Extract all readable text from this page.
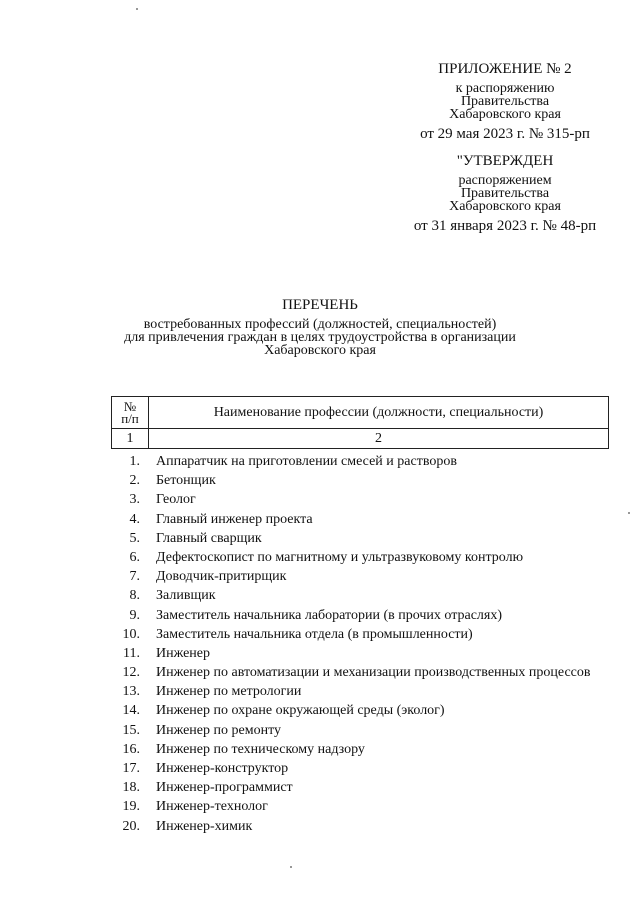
ПРИЛОЖЕНИЕ № 2
к распоряжению
Правительства
Хабаровского края
от 29 мая 2023 г. № 315-рп
"УТВЕРЖДЕН
распоряжением
Правительства
Хабаровского края
от 31 января 2023 г. № 48-рп
ПЕРЕЧЕНЬ
востребованных профессий (должностей, специальностей)
для привлечения граждан в целях трудоустройства в организации
Хабаровского края
№
п/п	Наименование профессии (должности, специальности)
1	2
1. Аппаратчик на приготовлении смесей и растворов
2. Бетонщик
3. Геолог
4. Главный инженер проекта
5. Главный сварщик
6. Дефектоскопист по магнитному и ультразвуковому контролю
7. Доводчик-притирщик
8. Заливщик
9. Заместитель начальника лаборатории (в прочих отраслях)
10. Заместитель начальника отдела (в промышленности)
11. Инженер
12. Инженер по автоматизации и механизации производственных процессов
13. Инженер по метрологии
14. Инженер по охране окружающей среды (эколог)
15. Инженер по ремонту
16. Инженер по техническому надзору
17. Инженер-конструктор
18. Инженер-программист
19. Инженер-технолог
20. Инженер-химик
